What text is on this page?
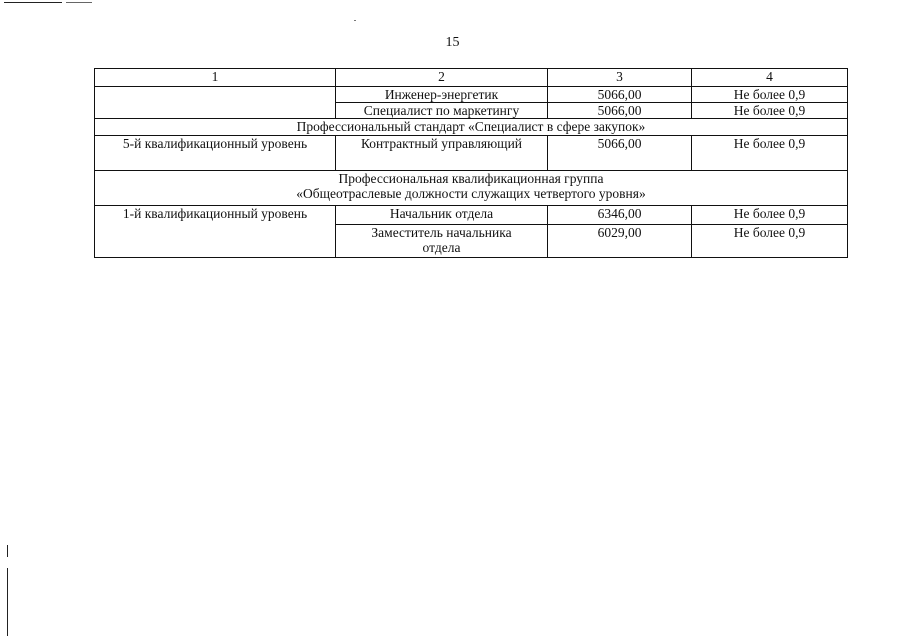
15
1	2	3	4
	Инженер-энергетик	5066,00	Не более 0,9
	Специалист по маркетингу	5066,00	Не более 0,9
Профессиональный стандарт «Специалист в сфере закупок»			
5-й квалификационный уровень	Контрактный управляющий	5066,00	Не более 0,9

Профессиональная квалификационная группа
«Общеотраслевые должности служащих четвертого уровня»			

1-й квалификационный уровень	Начальник отдела	6346,00	Не более 0,9

	Заместитель начальника
отдела	6029,00	Не более 0,9
